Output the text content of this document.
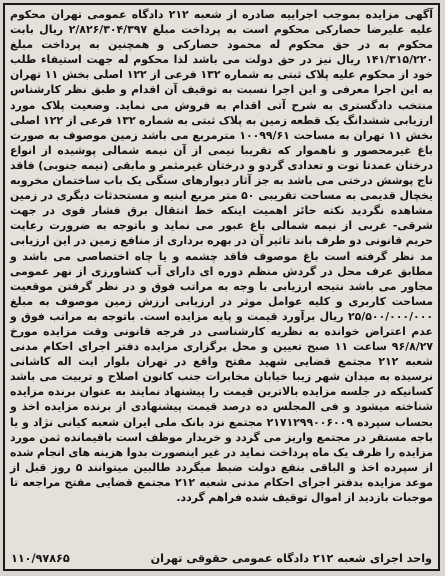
آگهی مزایده بموجب اجراییه صادره از شعبه ۲۱۲ دادگاه عمومی تهران محکوم علیه علیرضا حصارکی محکوم است به پرداخت مبلغ ۲/۸۲۶/۳۰۴/۳۹۷ ریال بابت محکوم به در حق محکوم له محمود حصارکی و همچنین به پرداخت مبلغ ۱۴۱/۳۱۵/۲۲۰ ریال نیز در حق دولت می باشد لذا محکوم له جهت استیفاء طلب خود از محکوم علیه پلاک ثبتی به شماره ۱۳۲ فرعی از ۱۲۲ اصلی بخش ۱۱ تهران به این اجرا معرفی و این اجرا نسبت به توقیف آن اقدام و طبق نظر کارشناس منتخب دادگستری به شرح آتی اقدام به فروش می نماید. وضعیت پلاک مورد ارزیابی ششدانگ یک قطعه زمین به پلاک ثبتی به شماره ۱۳۲ فرعی از ۱۲۲ اصلی بخش ۱۱ تهران به مساحت ۱۰۰۹۹/۶۱ مترمربع می باشد زمین موصوف به صورت باغ غیرمحصور و ناهموار که تقریبا نیمی از آن نیمه شمالی پوشیده از انواع درختان عمدتا توت و تعدادی گردو و درختان غیرمثمر و مابقی (نیمه جنوبی) فاقد تاج پوشش درختی می باشد به جز آثار دیوارهای سنگی یک باب ساختمان مخروبه یخچال قدیمی به مساحت تقریبی ۵۰ متر مربع ابنیه و مستحدثات دیگری در زمین مشاهده نگردید نکته حائز اهمیت اینکه خط انتقال برق فشار قوی در جهت شرقی- غربی از نیمه شمالی باغ عبور می نماید و باتوجه به ضرورت رعایت حریم قانونی دو طرف باند تاثیر آن در بهره برداری از منافع زمین در این ارزیابی مد نظر گرفته است باغ موصوف فاقد چشمه و یا چاه اختصاصی می باشد و مطابق عرف محل در گردش منظم دوره ای دارای آب کشاورزی از نهر عمومی مجاور می باشد نتیجه ارزیابی با وجه به مراتب فوق و در نظر گرفتن موقعیت مساحت کاربری و کلیه عوامل موثر در ارزیابی ارزش زمین موصوف به مبلغ ۲۵/۵۰۰/۰۰۰/۰۰۰ ریال برآورد قیمت و پایه مزایده است. باتوجه به مراتب فوق و عدم اعتراض خوانده به نظریه کارشناسی در فرجه قانونی وقت مزایده مورخ ۹۶/۸/۲۷ ساعت ۱۱ صبح تعیین و محل برگزاری مزایده دفتر اجرای احکام مدنی شعبه ۲۱۲ مجتمع قضایی شهید مفتح واقع در تهران بلوار ایت اله کاشانی نرسیده به میدان شهر زیبا خیابان مخابرات جنب کانون اصلاح و تربیت می باشد کسانیکه در جلسه مزایده بالاترین قیمت را پیشنهاد نمایند به عنوان برنده مزایده شناخته میشود و فی المجلس ده درصد قیمت پیشنهادی از برنده مزایده اخذ و بحساب سپرده ۲۱۷۱۲۹۹۰۰۶۰۰۹ مجتمع نزد بانک ملی ایران شعبه کیانی نژاد و یا باجه مستقر در مجتمع واریز می گردد و خریدار موظف است باقیمانده ثمن مورد مزایده را ظرف یک ماه پرداخت نماید در غیر اینصورت بدوا هزینه های انجام شده از سپرده اخذ و الباقی بنفع دولت ضبط میگردد طالبین میتوانند ۵ روز قبل از موعد مزایده بدفتر اجرای احکام مدنی شعبه ۲۱۲ مجتمع قضایی مفتح مراجعه تا موجبات بازدید از اموال توقیف شده فراهم گردد.

واحد اجرای شعبه ۲۱۲ دادگاه عمومی حقوقی تهران
۱۱۰/۹۷۸۶۵
